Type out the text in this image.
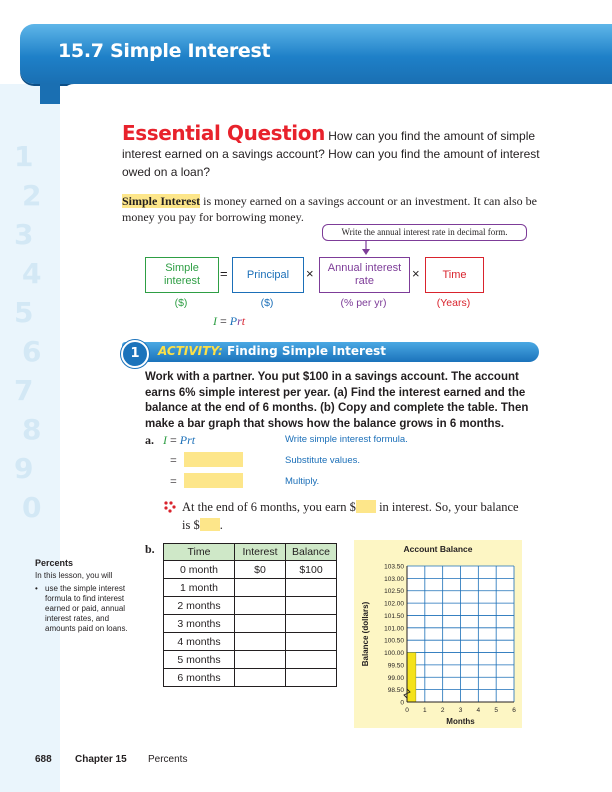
1
2
3
4
5
6
7
8
9
0
15.7 Simple Interest
Essential Question How can you find the amount of simple interest earned on a savings account? How can you find the amount of interest owed on a loan?
Simple Interest is money earned on a savings account or an investment. It can also be money you pay for borrowing money.
Write the annual interest rate in decimal form.
Simple interest
Principal
Annual interest rate
Time
=	×	×
($)	($)	(% per yr)	(Years)
I = Prt
1	ACTIVITY: Finding Simple Interest
Work with a partner. You put $100 in a savings account. The account earns 6% simple interest per year. (a) Find the interest earned and the balance at the end of 6 months. (b) Copy and complete the table. Then make a bar graph that shows how the balance grows in 6 months.
a. I = Prt	Write simple interest formula.
=	Substitute values.
=	Multiply.
At the end of 6 months, you earn $ in interest. So, your balance
is $ .
b.	Time	Interest	Balance
0 month	$0	$100
1 month		
2 months		
3 months		
4 months		
5 months		
6 months		
Percents
In this lesson, you will
• use the simple interest formula to find interest earned or paid, annual interest rates, and amounts paid on loans.
Account Balance
0
98.50
99.00
99.50
100.00
100.50
101.00
101.50
102.00
102.50
103.00
103.50
0 1 2 3 4 5 6
Months
Balance (dollars)
688 Chapter 15 Percents
